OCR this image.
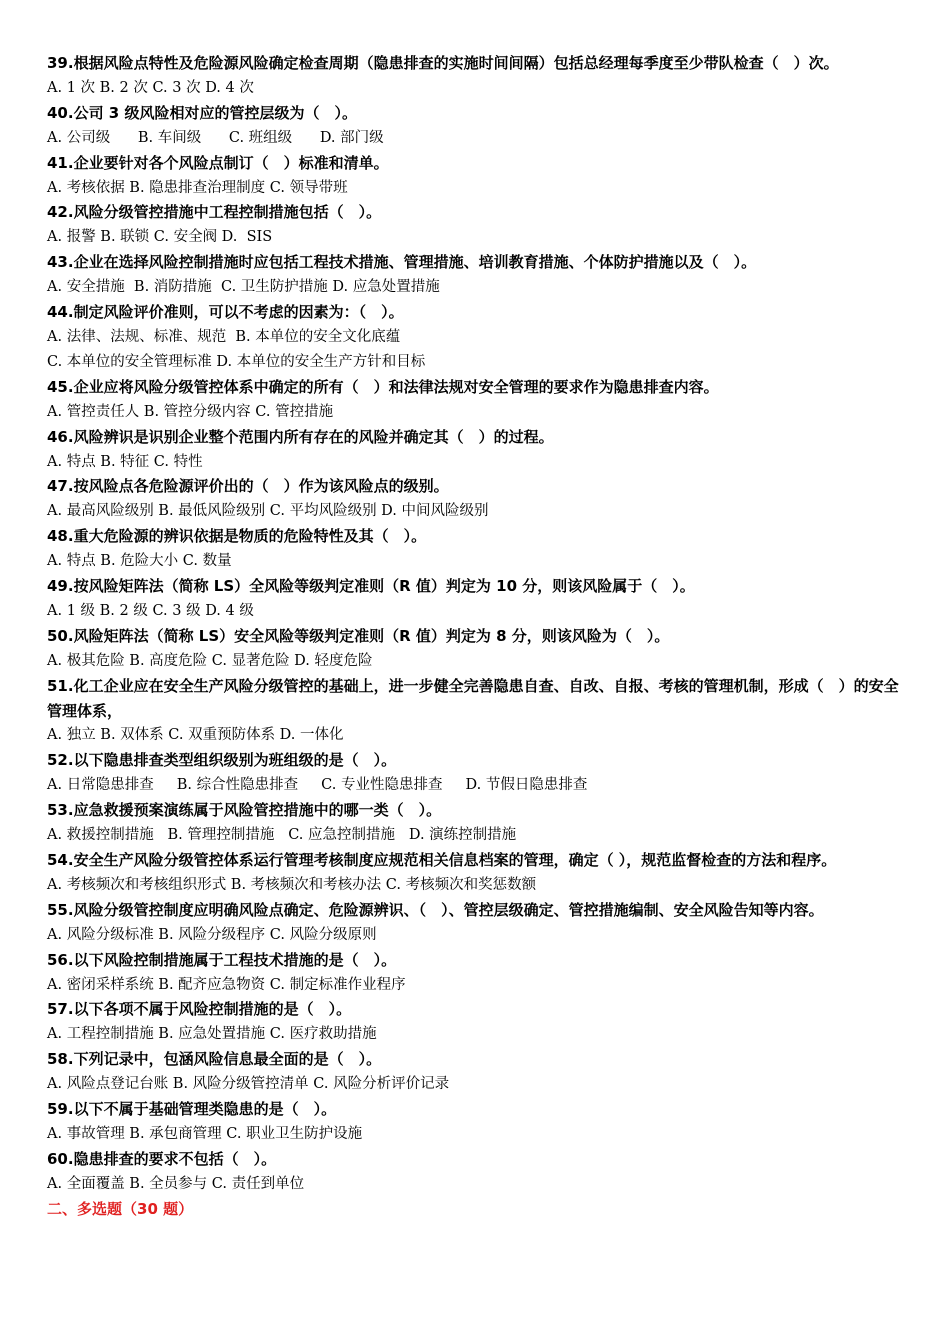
39.根据风险点特性及危险源风险确定检查周期（隐患排查的实施时间间隔）包括总经理每季度至少带队检查（　）次。

A. 1 次 B. 2 次 C. 3 次 D. 4 次

40.公司 3 级风险相对应的管控层级为（　）。

A. 公司级      B. 车间级      C. 班组级      D. 部门级

41.企业要针对各个风险点制订（　）标准和清单。

A. 考核依据 B. 隐患排查治理制度 C. 领导带班

42.风险分级管控措施中工程控制措施包括（　）。

A. 报警 B. 联锁 C. 安全阀 D.  SIS

43.企业在选择风险控制措施时应包括工程技术措施、管理措施、培训教育措施、个体防护措施以及（　）。

A. 安全措施  B. 消防措施  C. 卫生防护措施 D. 应急处置措施

44.制定风险评价准则，可以不考虑的因素为：（　）。

A. 法律、法规、标准、规范  B. 本单位的安全文化底蕴

C. 本单位的安全管理标准 D. 本单位的安全生产方针和目标

45.企业应将风险分级管控体系中确定的所有（　）和法律法规对安全管理的要求作为隐患排查内容。

A. 管控责任人 B. 管控分级内容 C. 管控措施

46.风险辨识是识别企业整个范围内所有存在的风险并确定其（　）的过程。

A. 特点 B. 特征 C. 特性

47.按风险点各危险源评价出的（　）作为该风险点的级别。

A. 最高风险级别 B. 最低风险级别 C. 平均风险级别 D. 中间风险级别

48.重大危险源的辨识依据是物质的危险特性及其（　）。

A. 特点 B. 危险大小 C. 数量

49.按风险矩阵法（简称 LS）全风险等级判定准则（R 值）判定为 10 分，则该风险属于（　）。

A. 1 级 B. 2 级 C. 3 级 D. 4 级

50.风险矩阵法（简称 LS）安全风险等级判定准则（R 值）判定为 8 分，则该风险为（　）。

A. 极其危险 B. 高度危险 C. 显著危险 D. 轻度危险

51.化工企业应在安全生产风险分级管控的基础上，进一步健全完善隐患自查、自改、自报、考核的管理机制，形成（　）的安全管理体系，

A. 独立 B. 双体系 C. 双重预防体系 D. 一体化

52.以下隐患排查类型组织级别为班组级的是（　）。

A. 日常隐患排查     B. 综合性隐患排查     C. 专业性隐患排查     D. 节假日隐患排查

53.应急救援预案演练属于风险管控措施中的哪一类（　）。

A. 救援控制措施   B. 管理控制措施   C. 应急控制措施   D. 演练控制措施

54.安全生产风险分级管控体系运行管理考核制度应规范相关信息档案的管理，确定（ ），规范监督检查的方法和程序。

A. 考核频次和考核组织形式 B. 考核频次和考核办法 C. 考核频次和奖惩数额

55.风险分级管控制度应明确风险点确定、危险源辨识、（　）、管控层级确定、管控措施编制、安全风险告知等内容。

A. 风险分级标准 B. 风险分级程序 C. 风险分级原则

56.以下风险控制措施属于工程技术措施的是（　）。

A. 密闭采样系统 B. 配齐应急物资 C. 制定标准作业程序

57.以下各项不属于风险控制措施的是（　）。

A. 工程控制措施 B. 应急处置措施 C. 医疗救助措施

58.下列记录中，包涵风险信息最全面的是（　）。

A. 风险点登记台账 B. 风险分级管控清单 C. 风险分析评价记录

59.以下不属于基础管理类隐患的是（　）。

A. 事故管理 B. 承包商管理 C. 职业卫生防护设施

60.隐患排查的要求不包括（　）。

A. 全面覆盖 B. 全员参与 C. 责任到单位

二、多选题（30 题）
